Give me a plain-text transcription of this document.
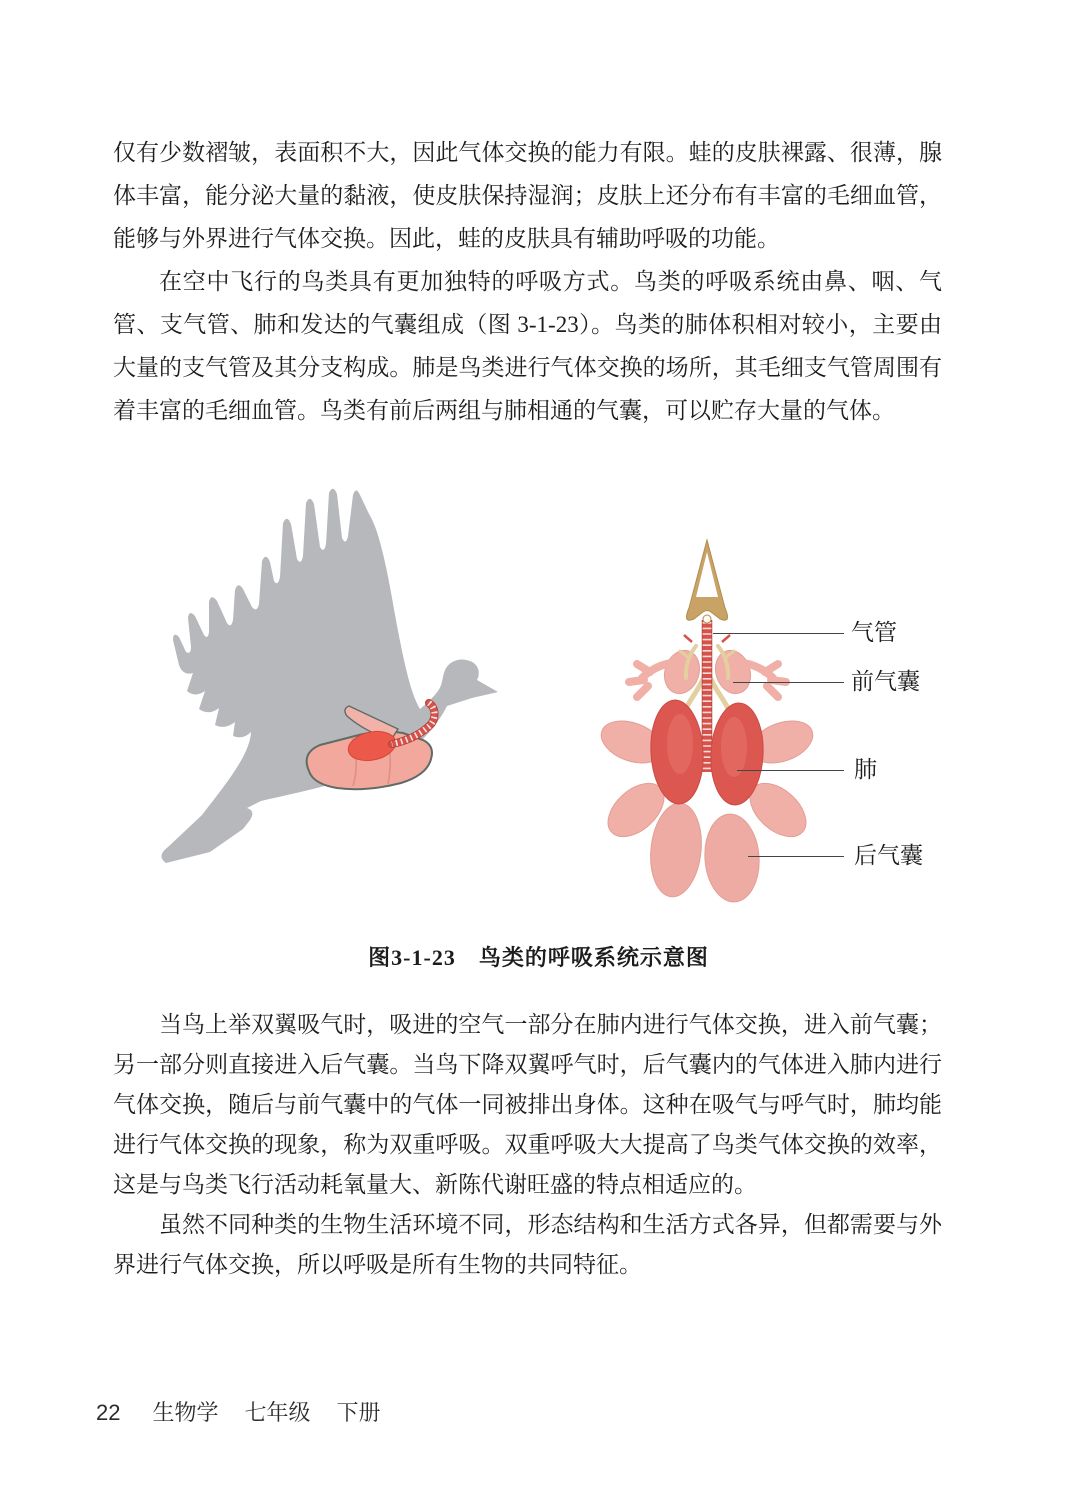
仅有少数褶皱，表面积不大，因此气体交换的能力有限。蛙的皮肤裸露、很薄，腺体丰富，能分泌大量的黏液，使皮肤保持湿润；皮肤上还分布有丰富的毛细血管，能够与外界进行气体交换。因此，蛙的皮肤具有辅助呼吸的功能。

在空中飞行的鸟类具有更加独特的呼吸方式。鸟类的呼吸系统由鼻、咽、气管、支气管、肺和发达的气囊组成（图 3-1-23）。鸟类的肺体积相对较小，主要由大量的支气管及其分支构成。肺是鸟类进行气体交换的场所，其毛细支气管周围有着丰富的毛细血管。鸟类有前后两组与肺相通的气囊，可以贮存大量的气体。

气管
前气囊
肺
后气囊
图3-1-23　鸟类的呼吸系统示意图

当鸟上举双翼吸气时，吸进的空气一部分在肺内进行气体交换，进入前气囊；另一部分则直接进入后气囊。当鸟下降双翼呼气时，后气囊内的气体进入肺内进行气体交换，随后与前气囊中的气体一同被排出身体。这种在吸气与呼气时，肺均能进行气体交换的现象，称为双重呼吸。双重呼吸大大提高了鸟类气体交换的效率，这是与鸟类飞行活动耗氧量大、新陈代谢旺盛的特点相适应的。

虽然不同种类的生物生活环境不同，形态结构和生活方式各异，但都需要与外界进行气体交换，所以呼吸是所有生物的共同特征。

22 生物学 七年级 下册
